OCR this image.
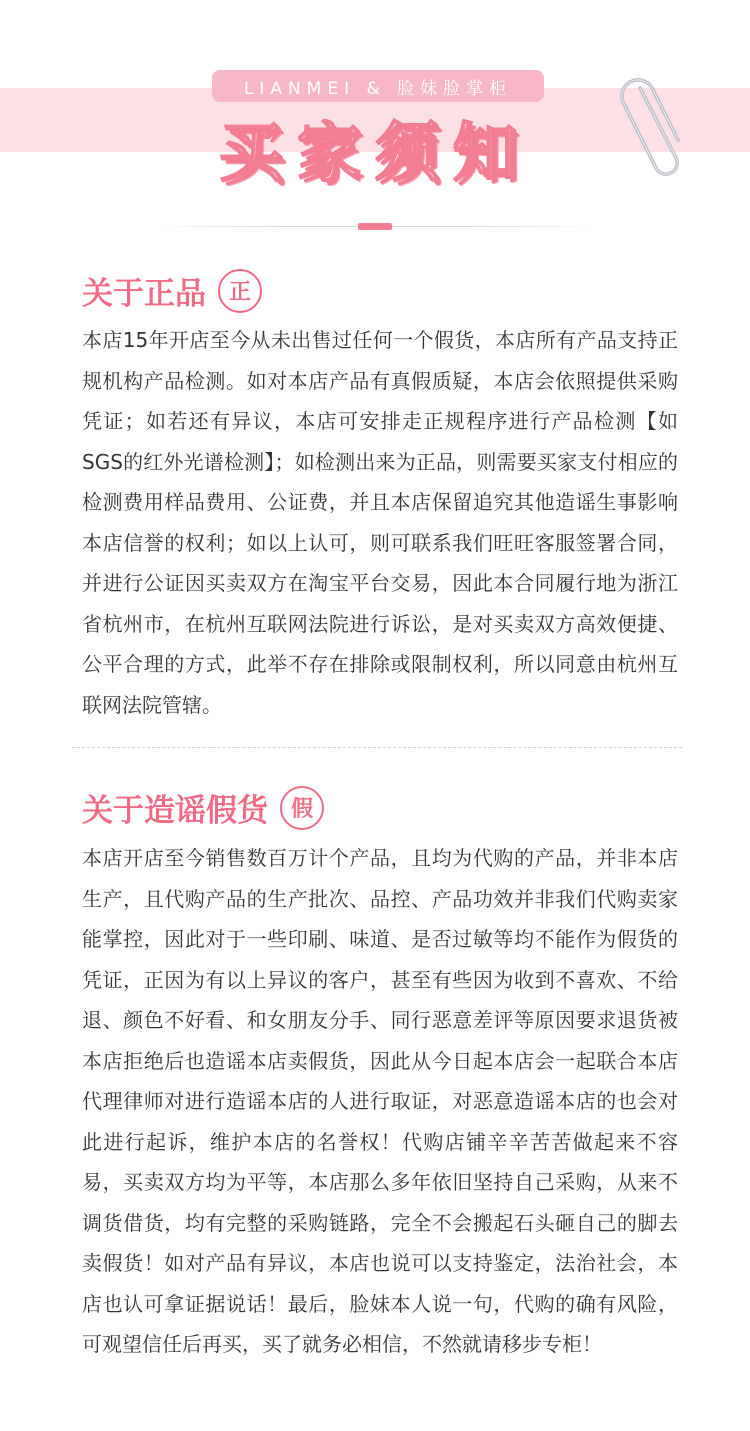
LIANMEI & 脸妹脸掌柜
买家须知
关于正品	正

本店15年开店至今从未出售过任何一个假货，本店所有产品支持正规机构产品检测。如对本店产品有真假质疑，本店会依照提供采购凭证；如若还有异议，本店可安排走正规程序进行产品检测【如SGS的红外光谱检测】；如检测出来为正品，则需要买家支付相应的检测费用样品费用、公证费，并且本店保留追究其他造谣生事影响本店信誉的权利；如以上认可，则可联系我们旺旺客服签署合同，并进行公证因买卖双方在淘宝平台交易，因此本合同履行地为浙江省杭州市，在杭州互联网法院进行诉讼，是对买卖双方高效便捷、公平合理的方式，此举不存在排除或限制权利，所以同意由杭州互联网法院管辖。

关于造谣假货	假

本店开店至今销售数百万计个产品，且均为代购的产品，并非本店生产，且代购产品的生产批次、品控、产品功效并非我们代购卖家能掌控，因此对于一些印刷、味道、是否过敏等均不能作为假货的凭证，正因为有以上异议的客户，甚至有些因为收到不喜欢、不给退、颜色不好看、和女朋友分手、同行恶意差评等原因要求退货被本店拒绝后也造谣本店卖假货，因此从今日起本店会一起联合本店代理律师对进行造谣本店的人进行取证，对恶意造谣本店的也会对此进行起诉，维护本店的名誉权！代购店铺辛辛苦苦做起来不容易，买卖双方均为平等，本店那么多年依旧坚持自己采购，从来不调货借货，均有完整的采购链路，完全不会搬起石头砸自己的脚去卖假货！如对产品有异议，本店也说可以支持鉴定，法治社会，本店也认可拿证据说话！最后，脸妹本人说一句，代购的确有风险，可观望信任后再买，买了就务必相信，不然就请移步专柜！
